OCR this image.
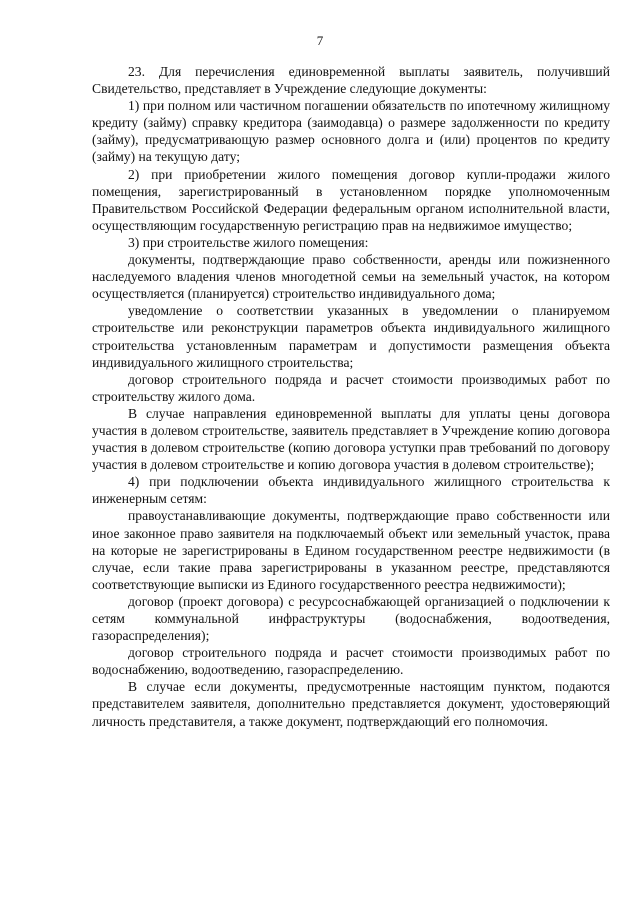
7

23. Для перечисления единовременной выплаты заявитель, получивший Свидетельство, представляет в Учреждение следующие документы:

1) при полном или частичном погашении обязательств по ипотечному жилищному кредиту (займу) справку кредитора (заимодавца) о размере задолженности по кредиту (займу), предусматривающую размер основного долга и (или) процентов по кредиту (займу) на текущую дату;

2) при приобретении жилого помещения договор купли-продажи жилого помещения, зарегистрированный в установленном порядке уполномоченным Правительством Российской Федерации федеральным органом исполнительной власти, осуществляющим государственную регистрацию прав на недвижимое имущество;

3) при строительстве жилого помещения:

документы, подтверждающие право собственности, аренды или пожизненного наследуемого владения членов многодетной семьи на земельный участок, на котором осуществляется (планируется) строительство индивидуального дома;

уведомление о соответствии указанных в уведомлении о планируемом строительстве или реконструкции параметров объекта индивидуального жилищного строительства установленным параметрам и допустимости размещения объекта индивидуального жилищного строительства;

договор строительного подряда и расчет стоимости производимых работ по строительству жилого дома.

В случае направления единовременной выплаты для уплаты цены договора участия в долевом строительстве, заявитель представляет в Учреждение копию договора участия в долевом строительстве (копию договора уступки прав требований по договору участия в долевом строительстве и копию договора участия в долевом строительстве);

4) при подключении объекта индивидуального жилищного строительства к инженерным сетям:

правоустанавливающие документы, подтверждающие право собственности или иное законное право заявителя на подключаемый объект или земельный участок, права на которые не зарегистрированы в Едином государственном реестре недвижимости (в случае, если такие права зарегистрированы в указанном реестре, представляются соответствующие выписки из Единого государственного реестра недвижимости);

договор (проект договора) с ресурсоснабжающей организацией о подключении к сетям коммунальной инфраструктуры (водоснабжения, водоотведения, газораспределения);

договор строительного подряда и расчет стоимости производимых работ по водоснабжению, водоотведению, газораспределению.

В случае если документы, предусмотренные настоящим пунктом, подаются представителем заявителя, дополнительно представляется документ, удостоверяющий личность представителя, а также документ, подтверждающий его полномочия.
